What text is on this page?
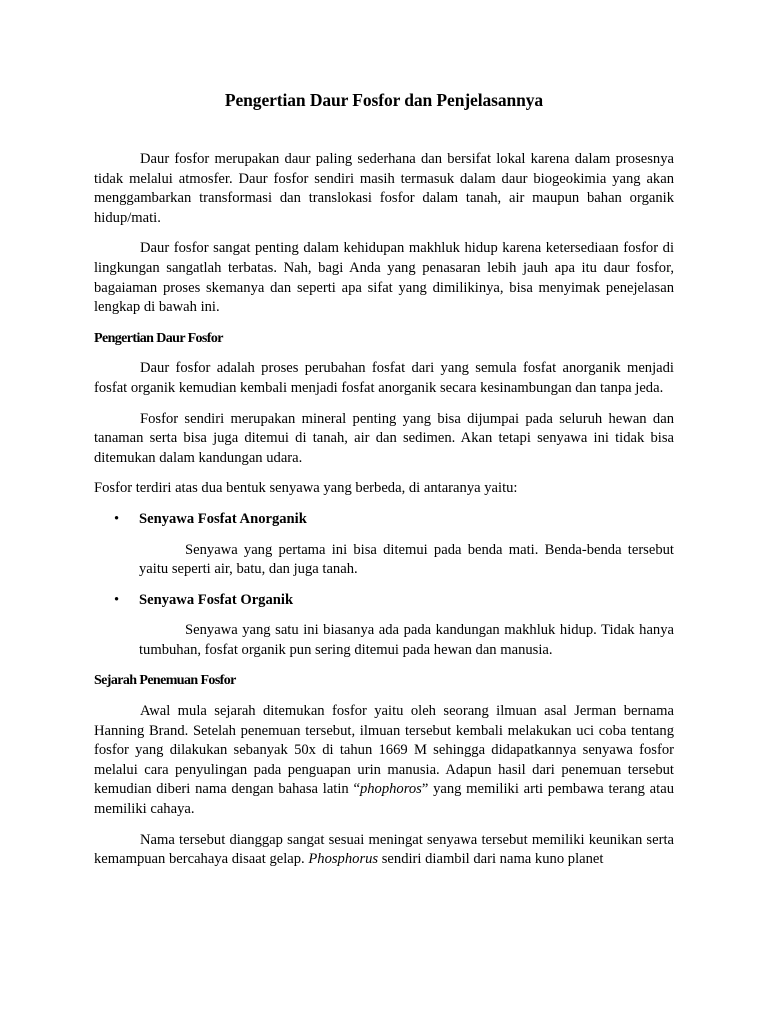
Pengertian Daur Fosfor dan Penjelasannya

Daur fosfor merupakan daur paling sederhana dan bersifat lokal karena dalam prosesnya tidak melalui atmosfer. Daur fosfor sendiri masih termasuk dalam daur biogeokimia yang akan menggambarkan transformasi dan translokasi fosfor dalam tanah, air maupun bahan organik hidup/mati.

Daur fosfor sangat penting dalam kehidupan makhluk hidup karena ketersediaan fosfor di lingkungan sangatlah terbatas. Nah, bagi Anda yang penasaran lebih jauh apa itu daur fosfor, bagaiaman proses skemanya dan seperti apa sifat yang dimilikinya, bisa menyimak penejelasan lengkap di bawah ini.

Pengertian Daur Fosfor

Daur fosfor adalah proses perubahan fosfat dari yang semula fosfat anorganik menjadi fosfat organik kemudian kembali menjadi fosfat anorganik secara kesinambungan dan tanpa jeda.

Fosfor sendiri merupakan mineral penting yang bisa dijumpai pada seluruh hewan dan tanaman serta bisa juga ditemui di tanah, air dan sedimen. Akan tetapi senyawa ini tidak bisa ditemukan dalam kandungan udara.

Fosfor terdiri atas dua bentuk senyawa yang berbeda, di antaranya yaitu:

• Senyawa Fosfat Anorganik

Senyawa yang pertama ini bisa ditemui pada benda mati. Benda-benda tersebut yaitu seperti air, batu, dan juga tanah.

• Senyawa Fosfat Organik

Senyawa yang satu ini biasanya ada pada kandungan makhluk hidup. Tidak hanya tumbuhan, fosfat organik pun sering ditemui pada hewan dan manusia.

Sejarah Penemuan Fosfor

Awal mula sejarah ditemukan fosfor yaitu oleh seorang ilmuan asal Jerman bernama Hanning Brand. Setelah penemuan tersebut, ilmuan tersebut kembali melakukan uci coba tentang fosfor yang dilakukan sebanyak 50x di tahun 1669 M sehingga didapatkannya senyawa fosfor melalui cara penyulingan pada penguapan urin manusia. Adapun hasil dari penemuan tersebut kemudian diberi nama dengan bahasa latin “phophoros” yang memiliki arti pembawa terang atau memiliki cahaya.

Nama tersebut dianggap sangat sesuai meningat senyawa tersebut memiliki keunikan serta kemampuan bercahaya disaat gelap. Phosphorus sendiri diambil dari nama kuno planet
